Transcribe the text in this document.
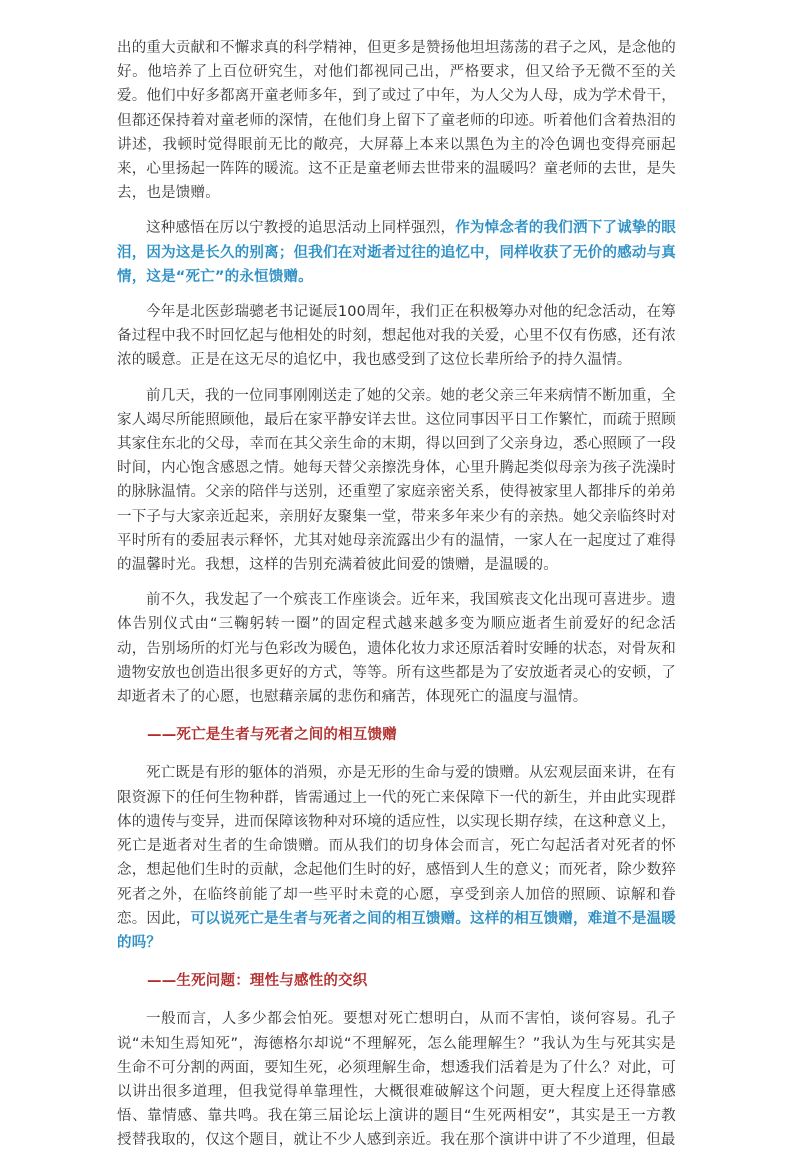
出的重大贡献和不懈求真的科学精神，但更多是赞扬他坦坦荡荡的君子之风，是念他的好。他培养了上百位研究生，对他们都视同己出，严格要求，但又给予无微不至的关爱。他们中好多都离开童老师多年，到了或过了中年，为人父为人母，成为学术骨干，但都还保持着对童老师的深情，在他们身上留下了童老师的印迹。听着他们含着热泪的讲述，我顿时觉得眼前无比的敞亮，大屏幕上本来以黑色为主的冷色调也变得亮丽起来，心里扬起一阵阵的暖流。这不正是童老师去世带来的温暖吗？童老师的去世，是失去，也是馈赠。

这种感悟在厉以宁教授的追思活动上同样强烈，作为悼念者的我们洒下了诚挚的眼泪，因为这是长久的别离；但我们在对逝者过往的追忆中，同样收获了无价的感动与真情，这是“死亡”的永恒馈赠。

今年是北医彭瑞骢老书记诞辰100周年，我们正在积极筹办对他的纪念活动，在筹备过程中我不时回忆起与他相处的时刻，想起他对我的关爱，心里不仅有伤感，还有浓浓的暖意。正是在这无尽的追忆中，我也感受到了这位长辈所给予的持久温情。

前几天，我的一位同事刚刚送走了她的父亲。她的老父亲三年来病情不断加重，全家人竭尽所能照顾他，最后在家平静安详去世。这位同事因平日工作繁忙，而疏于照顾其家住东北的父母，幸而在其父亲生命的末期，得以回到了父亲身边，悉心照顾了一段时间，内心饱含感恩之情。她每天替父亲擦洗身体，心里升腾起类似母亲为孩子洗澡时的脉脉温情。父亲的陪伴与送别，还重塑了家庭亲密关系，使得被家里人都排斥的弟弟一下子与大家亲近起来，亲朋好友聚集一堂，带来多年来少有的亲热。她父亲临终时对平时所有的委屈表示释怀，尤其对她母亲流露出少有的温情，一家人在一起度过了难得的温馨时光。我想，这样的告别充满着彼此间爱的馈赠，是温暖的。

前不久，我发起了一个殡丧工作座谈会。近年来，我国殡丧文化出现可喜进步。遗体告别仪式由“三鞠躬转一圈”的固定程式越来越多变为顺应逝者生前爱好的纪念活动，告别场所的灯光与色彩改为暖色，遗体化妆力求还原活着时安睡的状态，对骨灰和遗物安放也创造出很多更好的方式，等等。所有这些都是为了安放逝者灵心的安顿，了却逝者未了的心愿，也慰藉亲属的悲伤和痛苦，体现死亡的温度与温情。

——死亡是生者与死者之间的相互馈赠

死亡既是有形的躯体的消殒，亦是无形的生命与爱的馈赠。从宏观层面来讲，在有限资源下的任何生物种群，皆需通过上一代的死亡来保障下一代的新生，并由此实现群体的遗传与变异，进而保障该物种对环境的适应性，以实现长期存续，在这种意义上，死亡是逝者对生者的生命馈赠。而从我们的切身体会而言，死亡勾起活者对死者的怀念，想起他们生时的贡献，念起他们生时的好，感悟到人生的意义；而死者，除少数猝死者之外，在临终前能了却一些平时未竟的心愿，享受到亲人加倍的照顾、谅解和眷恋。因此，可以说死亡是生者与死者之间的相互馈赠。这样的相互馈赠，难道不是温暖的吗？

——生死问题：理性与感性的交织

一般而言，人多少都会怕死。要想对死亡想明白，从而不害怕，谈何容易。孔子说“未知生焉知死”，海德格尔却说“不理解死，怎么能理解生？”我认为生与死其实是生命不可分割的两面，要知生死，必须理解生命，想透我们活着是为了什么？对此，可以讲出很多道理，但我觉得单靠理性，大概很难破解这个问题，更大程度上还得靠感悟、靠情感、靠共鸣。我在第三届论坛上演讲的题目“生死两相安”，其实是王一方教授替我取的，仅这个题目，就让不少人感到亲近。我在那个演讲中讲了不少道理，但最
